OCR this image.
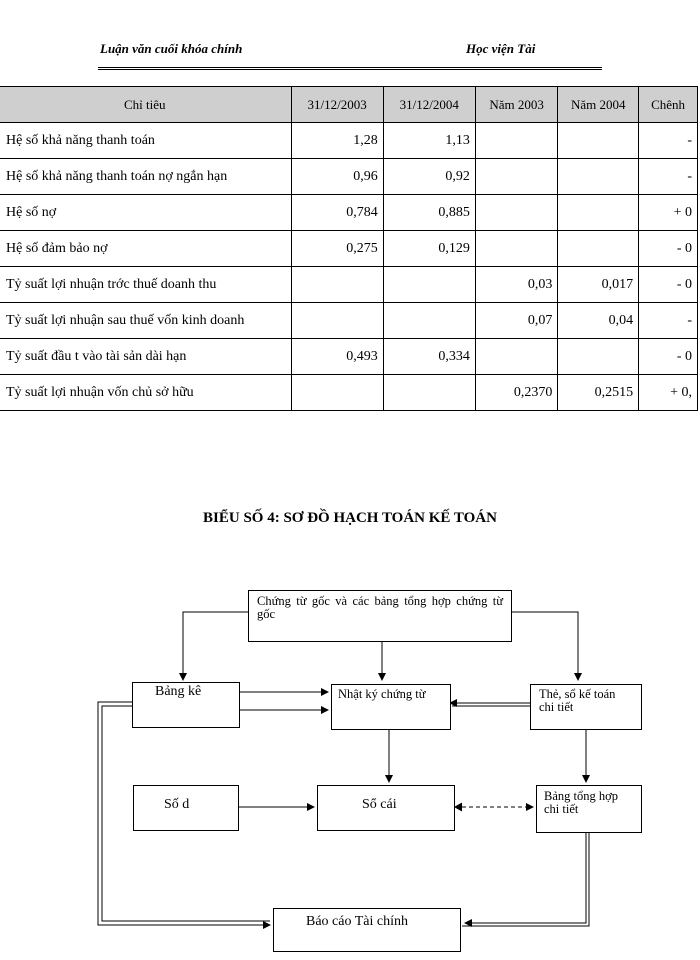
Luận văn cuối khóa chính	Học viện Tài
Chỉ tiêu	31/12/2003	31/12/2004	Năm 2003	Năm 2004	Chênh
Hệ số khả năng thanh toán	1,28	1,13			-
Hệ số khả năng thanh toán nợ ngắn hạn	0,96	0,92			-
Hệ số nợ	0,784	0,885			+ 0
Hệ số đảm bảo nợ	0,275	0,129			- 0
Tỷ suất lợi nhuận trớc thuế doanh thu			0,03	0,017	- 0
Tỷ suất lợi nhuận sau thuế vốn kinh doanh			0,07	0,04	-
Tỷ suất đầu t vào tài sản dài hạn	0,493	0,334			- 0
Tỷ suất lợi nhuận vốn chủ sở hữu			0,2370	0,2515	+ 0,
BIỂU SỐ 4: SƠ ĐỒ HẠCH TOÁN KẾ TOÁN
Chứng từ gốc và các bảng tổng hợp chứng từ gốc
Bảng kê	Nhật ký chứng từ	Thẻ, sổ kế toán chi tiết
Số d	Sổ cái
Bảng tổng hợp chi tiết
Báo cáo Tài chính
